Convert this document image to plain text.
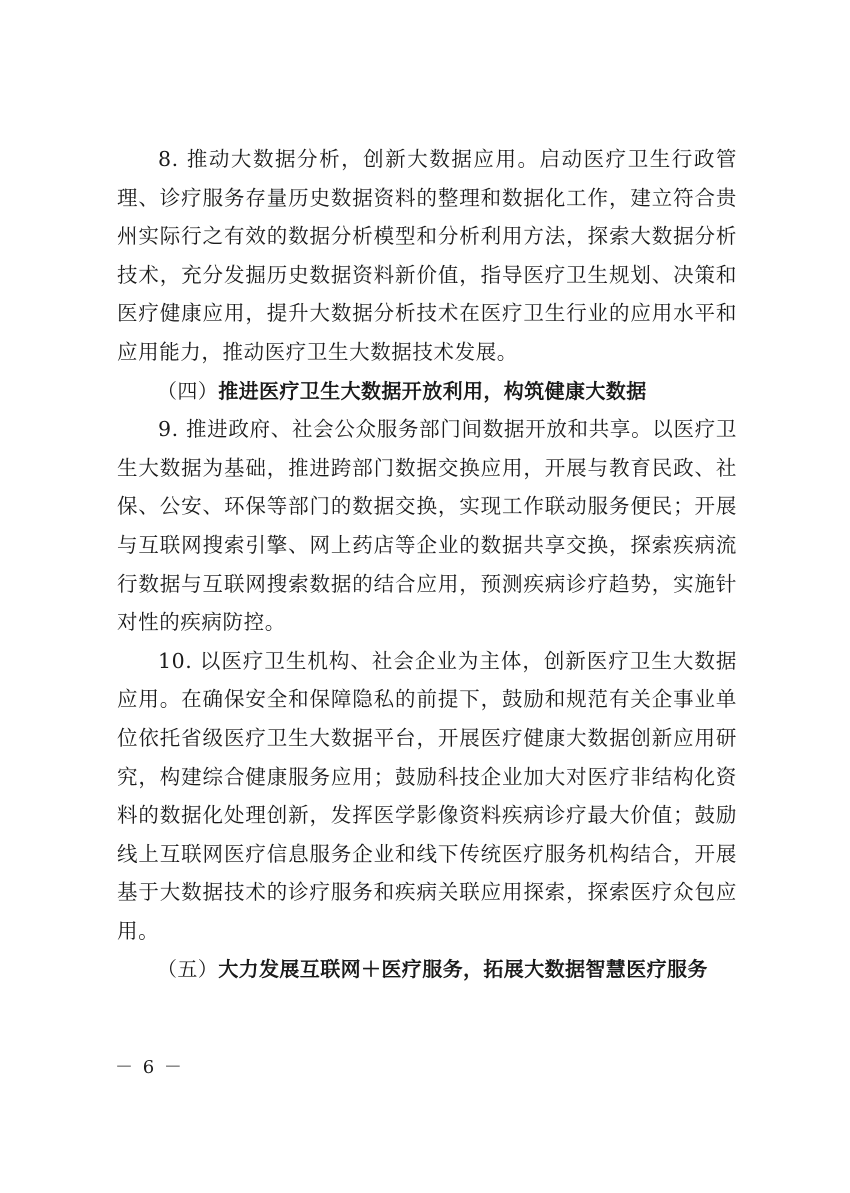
8. 推动大数据分析，创新大数据应用。启动医疗卫生行政管理、诊疗服务存量历史数据资料的整理和数据化工作，建立符合贵州实际行之有效的数据分析模型和分析利用方法，探索大数据分析技术，充分发掘历史数据资料新价值，指导医疗卫生规划、决策和医疗健康应用，提升大数据分析技术在医疗卫生行业的应用水平和应用能力，推动医疗卫生大数据技术发展。

（四）推进医疗卫生大数据开放利用，构筑健康大数据

9. 推进政府、社会公众服务部门间数据开放和共享。以医疗卫生大数据为基础，推进跨部门数据交换应用，开展与教育民政、社保、公安、环保等部门的数据交换，实现工作联动服务便民；开展与互联网搜索引擎、网上药店等企业的数据共享交换，探索疾病流行数据与互联网搜索数据的结合应用，预测疾病诊疗趋势，实施针对性的疾病防控。

10. 以医疗卫生机构、社会企业为主体，创新医疗卫生大数据应用。在确保安全和保障隐私的前提下，鼓励和规范有关企事业单位依托省级医疗卫生大数据平台，开展医疗健康大数据创新应用研究，构建综合健康服务应用；鼓励科技企业加大对医疗非结构化资料的数据化处理创新，发挥医学影像资料疾病诊疗最大价值；鼓励线上互联网医疗信息服务企业和线下传统医疗服务机构结合，开展基于大数据技术的诊疗服务和疾病关联应用探索，探索医疗众包应用。

（五）大力发展互联网＋医疗服务，拓展大数据智慧医疗服务

－ 6 －
